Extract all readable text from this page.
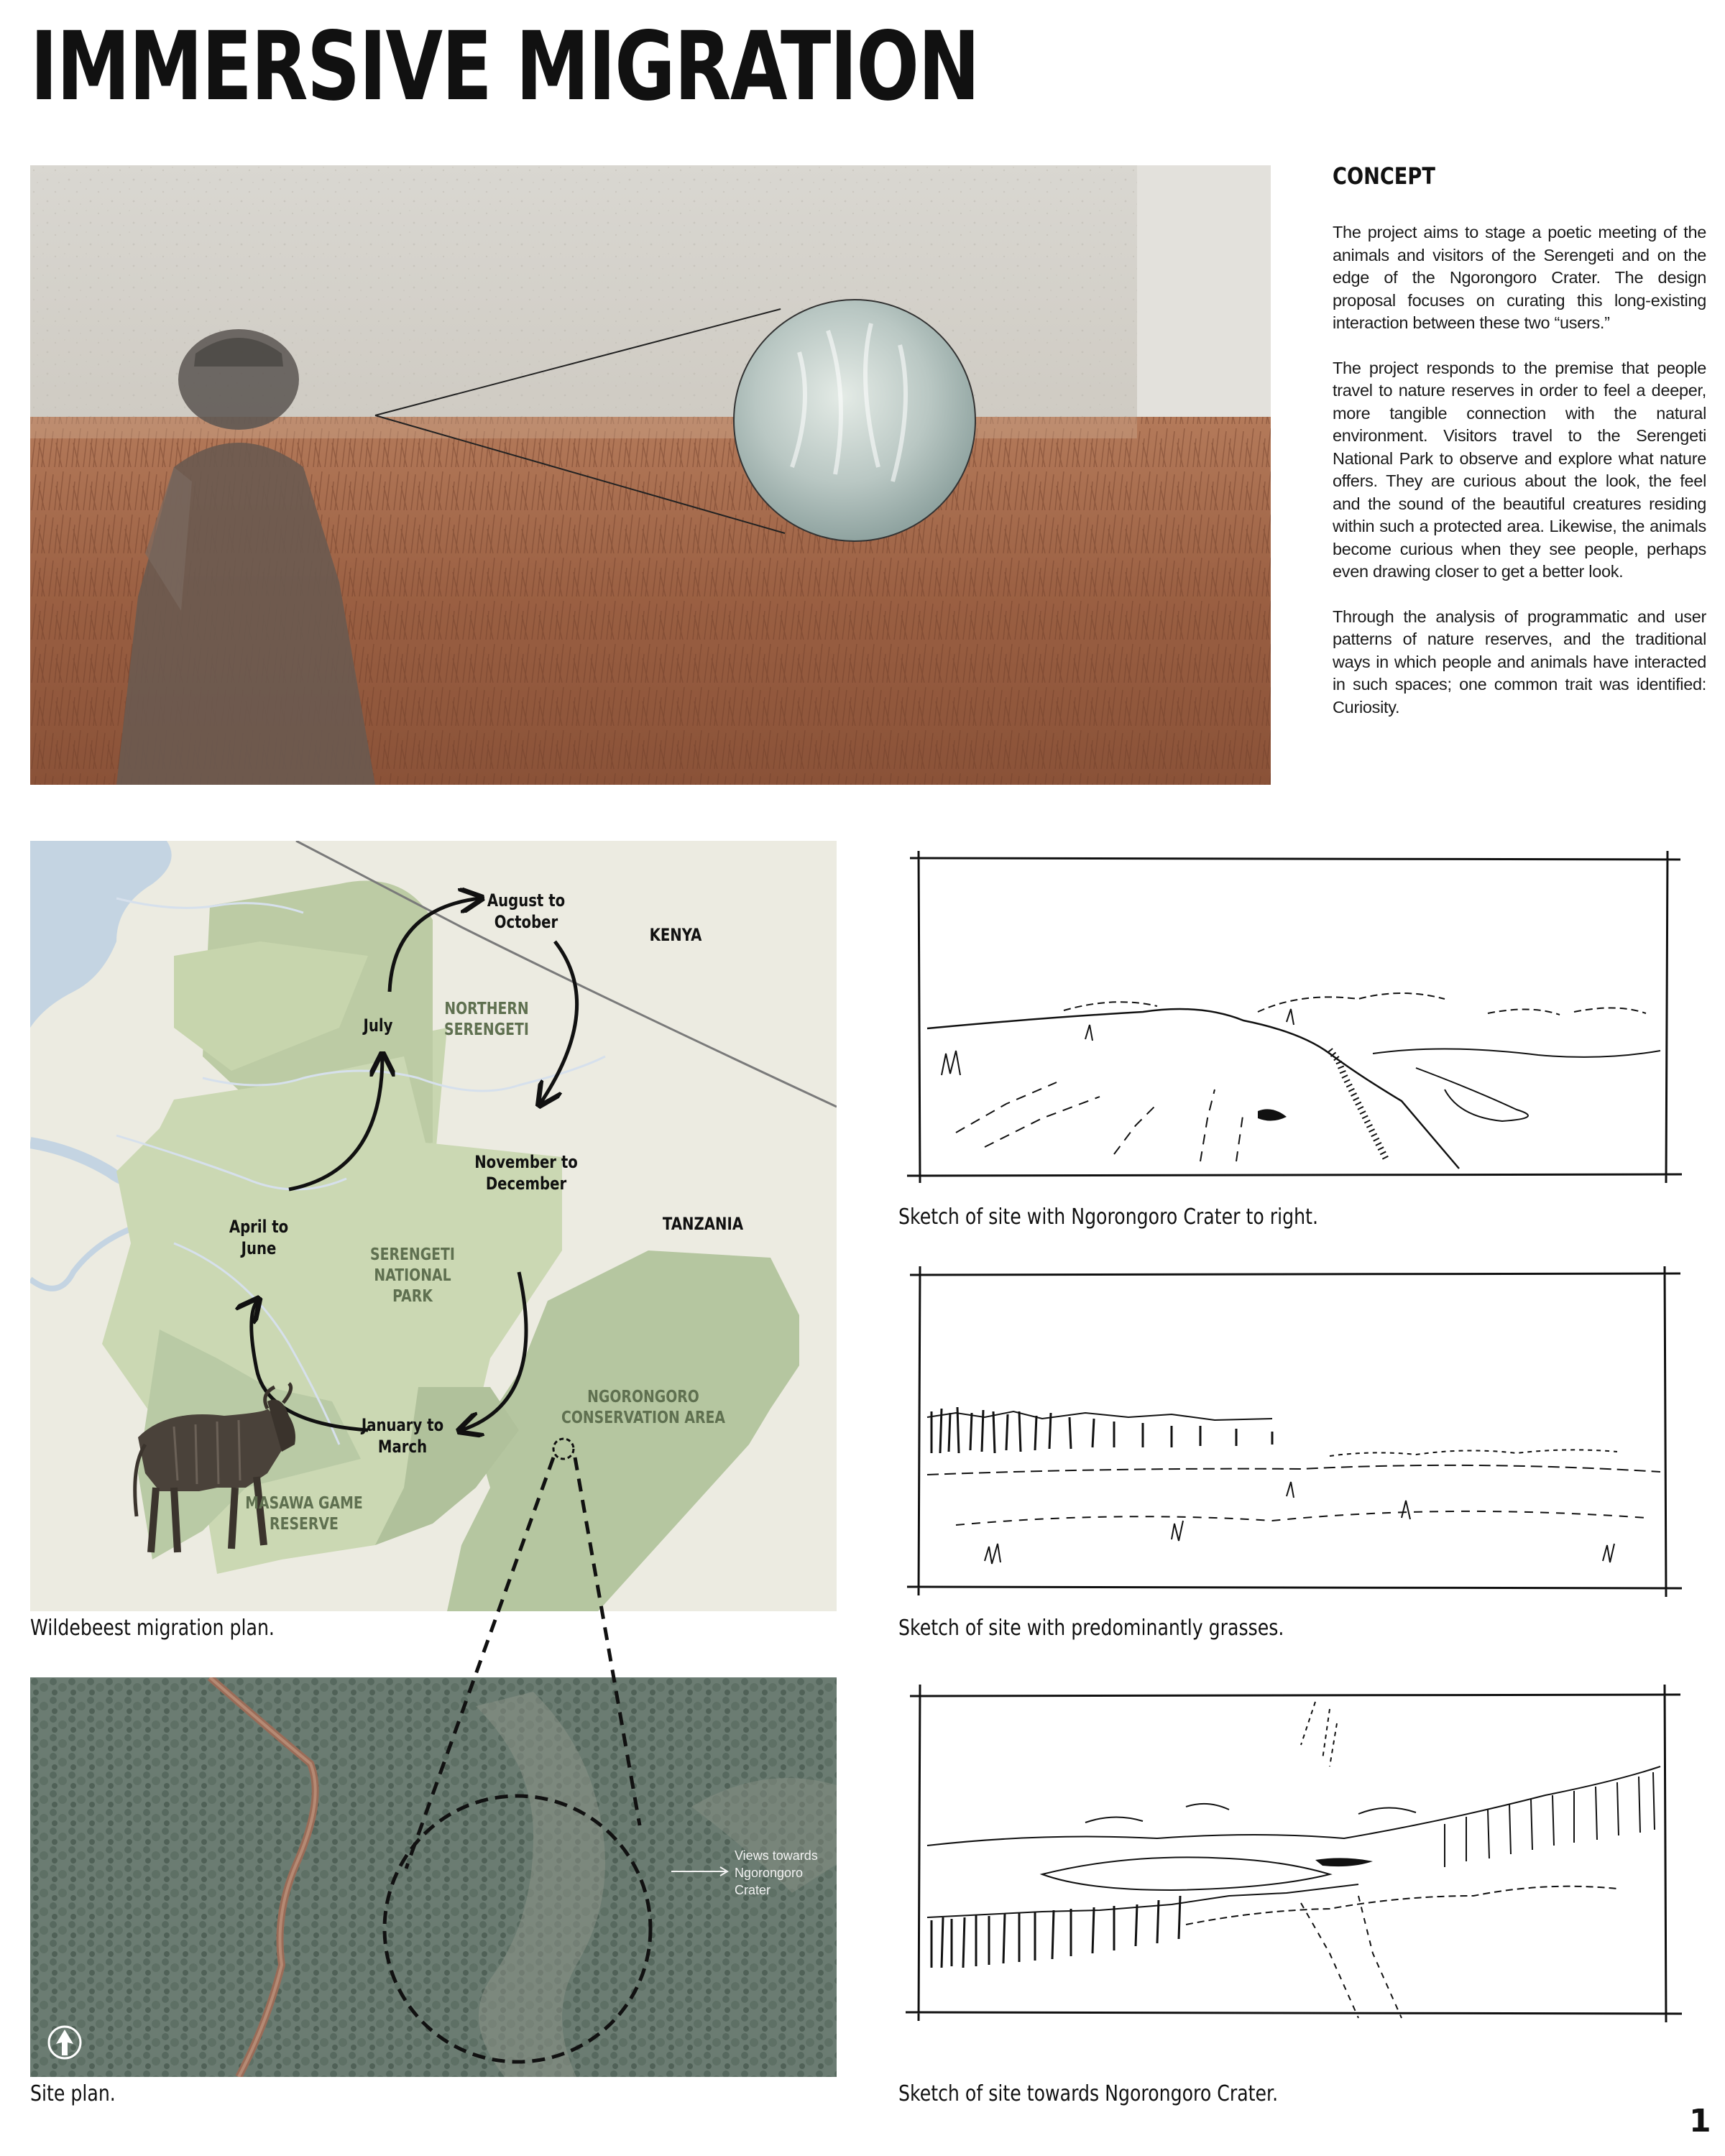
IMMERSIVE MIGRATION
CONCEPT

The project aims to stage a poetic meeting of the animals and visitors of the Serengeti and on the edge of the Ngorongoro Crater. The design proposal focuses on curating this long-existing interaction between these two “users.”

The project responds to the premise that people travel to nature reserves in order to feel a deeper, more tangible connection with the natural environment. Visitors travel to the Serengeti National Park to observe and explore what nature offers. They are curious about the look, the feel and the sound of the beautiful creatures residing within such a protected area. Likewise, the animals become curious when they see people, perhaps even drawing closer to get a better look.

Through the analysis of programmatic and user patterns of nature reserves, and the traditional ways in which people and animals have interacted in such spaces; one common trait was identified: Curiosity.

August to
October
KENYA
July
NORTHERN
SERENGETI
November to
December
TANZANIA
April to
June	SERENGETI NATIONAL
PARK
NGORONGORO
CONSERVATION AREA
January to
March
MASAWA GAME
RESERVE
Wildebeest migration plan.
Views towards
Ngorongoro
Crater
Site plan.
Sketch of site with Ngorongoro Crater to right.
Sketch of site with predominantly grasses.
Sketch of site towards Ngorongoro Crater.
1
